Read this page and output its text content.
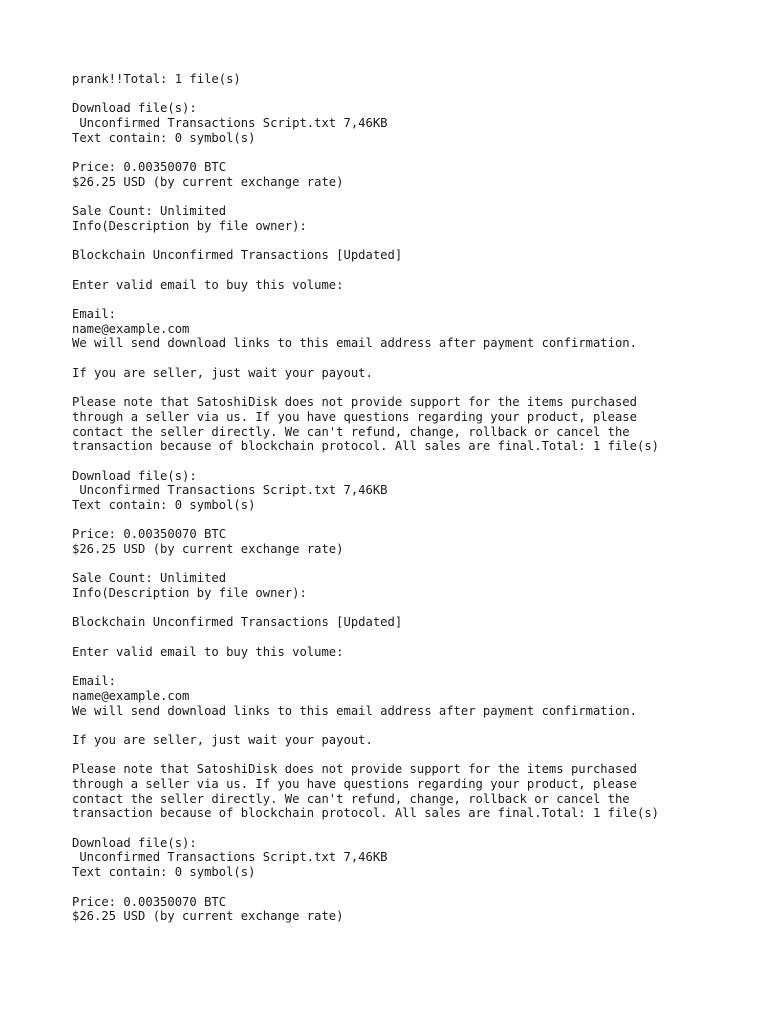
prank!!Total: 1 file(s)
Download file(s):
Unconfirmed Transactions Script.txt 7,46KB
Text contain: 0 symbol(s)
Price: 0.00350070 BTC
$26.25 USD (by current exchange rate)
Sale Count: Unlimited
Info(Description by file owner):
Blockchain Unconfirmed Transactions [Updated]
Enter valid email to buy this volume:
Email:
name@example.com
We will send download links to this email address after payment confirmation.
If you are seller, just wait your payout.
Please note that SatoshiDisk does not provide support for the items purchased
through a seller via us. If you have questions regarding your product, please
contact the seller directly. We can't refund, change, rollback or cancel the
transaction because of blockchain protocol. All sales are final.Total: 1 file(s)
Download file(s):
Unconfirmed Transactions Script.txt 7,46KB
Text contain: 0 symbol(s)
Price: 0.00350070 BTC
$26.25 USD (by current exchange rate)
Sale Count: Unlimited
Info(Description by file owner):
Blockchain Unconfirmed Transactions [Updated]
Enter valid email to buy this volume:
Email:
name@example.com
We will send download links to this email address after payment confirmation.
If you are seller, just wait your payout.
Please note that SatoshiDisk does not provide support for the items purchased
through a seller via us. If you have questions regarding your product, please
contact the seller directly. We can't refund, change, rollback or cancel the
transaction because of blockchain protocol. All sales are final.Total: 1 file(s)
Download file(s):
Unconfirmed Transactions Script.txt 7,46KB
Text contain: 0 symbol(s)
Price: 0.00350070 BTC
$26.25 USD (by current exchange rate)
